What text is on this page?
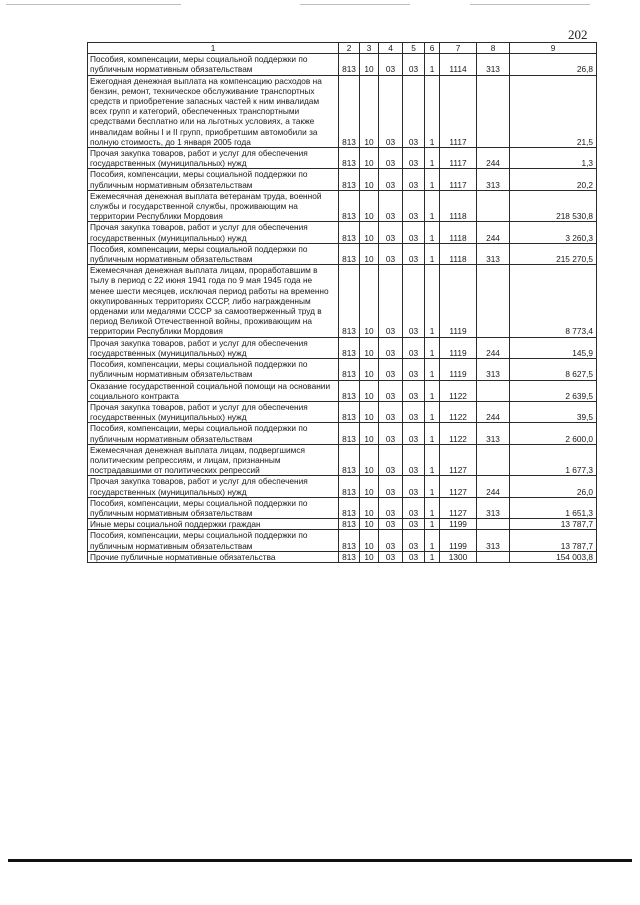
202
1	2	3	4	5	6	7	8	9
Пособия, компенсации, меры социальной поддержки по публичным нормативным обязательствам	813	10	03	03	1	1114	313	26,8
Ежегодная денежная выплата на компенсацию расходов на бензин, ремонт, техническое обслуживание транспортных средств и приобретение запасных частей к ним инвалидам всех групп и категорий, обеспеченных транспортными средствами бесплатно или на льготных условиях, а также инвалидам войны I и II групп, приобретшим автомобили за полную стоимость, до 1 января 2005 года	813	10	03	03	1	1117		21,5
Прочая закупка товаров, работ и услуг для обеспечения государственных (муниципальных) нужд	813	10	03	03	1	1117	244	1,3
Пособия, компенсации, меры социальной поддержки по публичным нормативным обязательствам	813	10	03	03	1	1117	313	20,2
Ежемесячная денежная выплата ветеранам труда, военной службы и государственной службы, проживающим на территории Республики Мордовия	813	10	03	03	1	1118		218 530,8
Прочая закупка товаров, работ и услуг для обеспечения государственных (муниципальных) нужд	813	10	03	03	1	1118	244	3 260,3
Пособия, компенсации, меры социальной поддержки по публичным нормативным обязательствам	813	10	03	03	1	1118	313	215 270,5
Ежемесячная денежная выплата лицам, проработавшим в тылу в период с 22 июня 1941 года по 9 мая 1945 года не менее шести месяцев, исключая период работы на временно оккупированных территориях СССР, либо награжденным орденами или медалями СССР за самоотверженный труд в период Великой Отечественной войны, проживающим на территории Республики Мордовия	813	10	03	03	1	1119		8 773,4
Прочая закупка товаров, работ и услуг для обеспечения государственных (муниципальных) нужд	813	10	03	03	1	1119	244	145,9
Пособия, компенсации, меры социальной поддержки по публичным нормативным обязательствам	813	10	03	03	1	1119	313	8 627,5
Оказание государственной социальной помощи на основании социального контракта	813	10	03	03	1	1122		2 639,5
Прочая закупка товаров, работ и услуг для обеспечения государственных (муниципальных) нужд	813	10	03	03	1	1122	244	39,5
Пособия, компенсации, меры социальной поддержки по публичным нормативным обязательствам	813	10	03	03	1	1122	313	2 600,0
Ежемесячная денежная выплата лицам, подвергшимся политическим репрессиям, и лицам, признанным пострадавшими от политических репрессий	813	10	03	03	1	1127		1 677,3
Прочая закупка товаров, работ и услуг для обеспечения государственных (муниципальных) нужд	813	10	03	03	1	1127	244	26,0
Пособия, компенсации, меры социальной поддержки по публичным нормативным обязательствам	813	10	03	03	1	1127	313	1 651,3
Иные меры социальной поддержки граждан	813	10	03	03	1	1199		13 787,7
Пособия, компенсации, меры социальной поддержки по публичным нормативным обязательствам	813	10	03	03	1	1199	313	13 787,7
Прочие публичные нормативные обязательства	813	10	03	03	1	1300		154 003,8
